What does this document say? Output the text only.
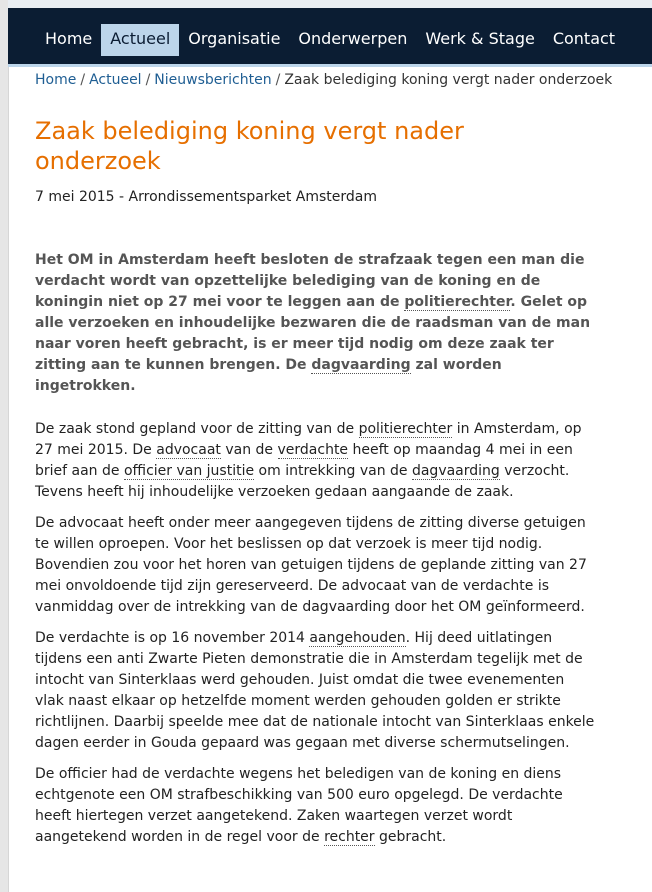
Home	Actueel	Organisatie	Onderwerpen	Werk & Stage	Contact
Home / Actueel / Nieuwsberichten / Zaak belediging koning vergt nader onderzoek
Zaak belediging koning vergt nader onderzoek
7 mei 2015 - Arrondissementsparket Amsterdam

Het OM in Amsterdam heeft besloten de strafzaak tegen een man die verdacht wordt van opzettelijke belediging van de koning en de koningin niet op 27 mei voor te leggen aan de politierechter. Gelet op alle verzoeken en inhoudelijke bezwaren die de raadsman van de man naar voren heeft gebracht, is er meer tijd nodig om deze zaak ter zitting aan te kunnen brengen. De dagvaarding zal worden ingetrokken.

De zaak stond gepland voor de zitting van de politierechter in Amsterdam, op 27 mei 2015. De advocaat van de verdachte heeft op maandag 4 mei in een brief aan de officier van justitie om intrekking van de dagvaarding verzocht. Tevens heeft hij inhoudelijke verzoeken gedaan aangaande de zaak.

De advocaat heeft onder meer aangegeven tijdens de zitting diverse getuigen te willen oproepen. Voor het beslissen op dat verzoek is meer tijd nodig. Bovendien zou voor het horen van getuigen tijdens de geplande zitting van 27 mei onvoldoende tijd zijn gereserveerd. De advocaat van de verdachte is vanmiddag over de intrekking van de dagvaarding door het OM geïnformeerd.

De verdachte is op 16 november 2014 aangehouden. Hij deed uitlatingen tijdens een anti Zwarte Pieten demonstratie die in Amsterdam tegelijk met de intocht van Sinterklaas werd gehouden. Juist omdat die twee evenementen vlak naast elkaar op hetzelfde moment werden gehouden golden er strikte richtlijnen. Daarbij speelde mee dat de nationale intocht van Sinterklaas enkele dagen eerder in Gouda gepaard was gegaan met diverse schermutselingen.

De officier had de verdachte wegens het beledigen van de koning en diens echtgenote een OM strafbeschikking van 500 euro opgelegd. De verdachte heeft hiertegen verzet aangetekend. Zaken waartegen verzet wordt aangetekend worden in de regel voor de rechter gebracht.
